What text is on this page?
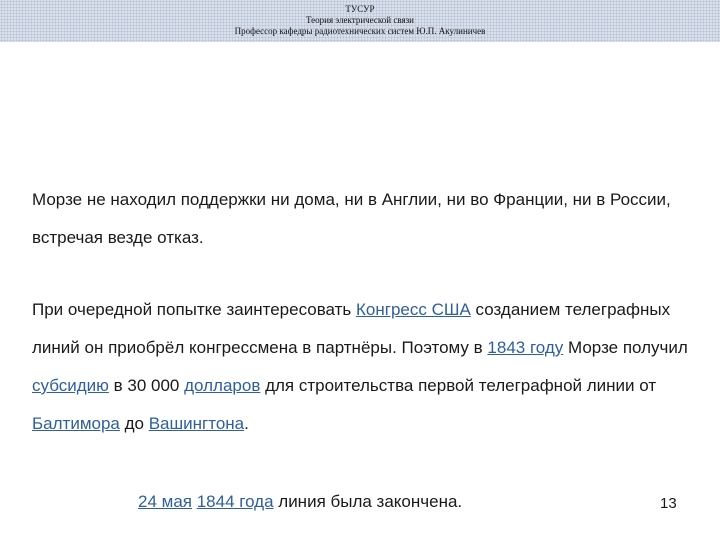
ТУСУР
Теория электрической связи
Профессор кафедры радиотехнических систем Ю.П. Акулиничев

Морзе не находил поддержки ни дома, ни в Англии, ни во Франции, ни в России, встречая везде отказ.

При очередной попытке заинтересовать Конгресс США созданием телеграфных линий он приобрёл конгрессмена в партнёры. Поэтому в 1843 году Морзе получил субсидию в 30 000 долларов для строительства первой телеграфной линии от Балтимора до Вашингтона.

24 мая 1844 года линия была закончена.	13
